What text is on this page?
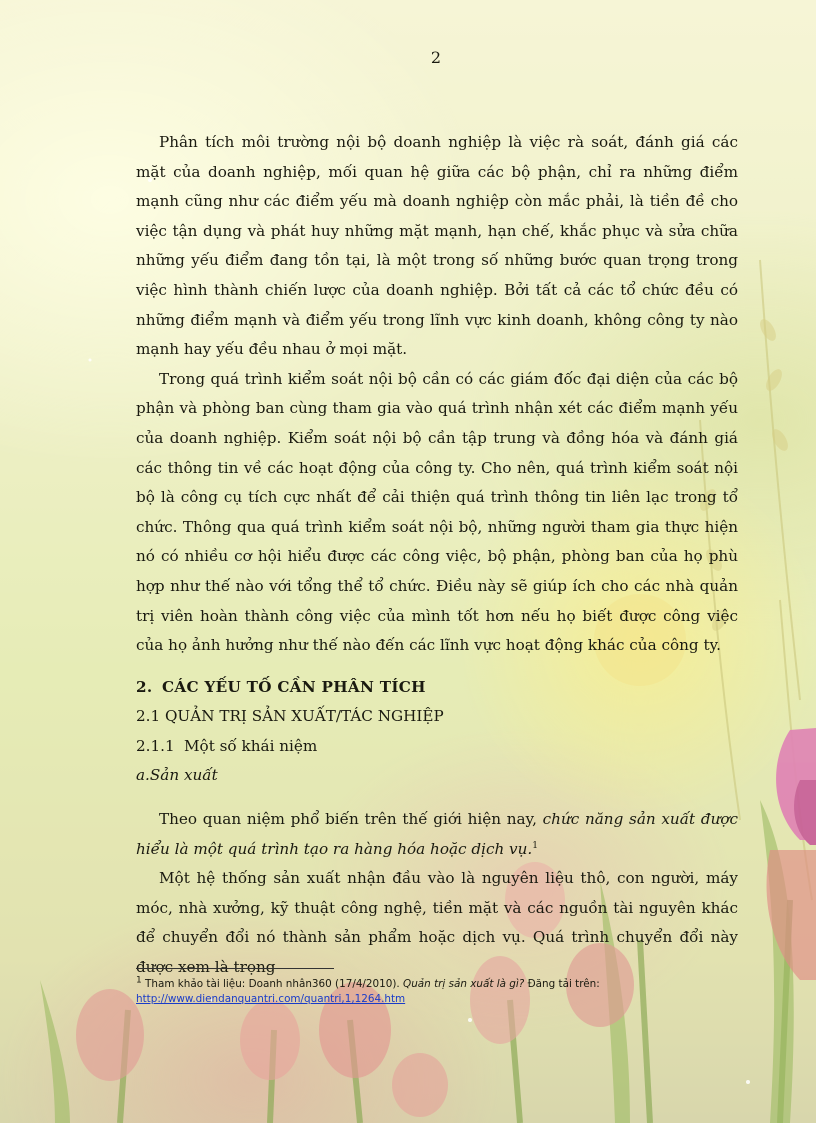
2

Phân tích môi trường nội bộ doanh nghiệp là việc rà soát, đánh giá các mặt của doanh nghiệp, mối quan hệ giữa các bộ phận, chỉ ra những điểm mạnh cũng như các điểm yếu mà doanh nghiệp còn mắc phải, là tiền đề cho việc tận dụng và phát huy những mặt mạnh, hạn chế, khắc phục và sửa chữa những yếu điểm đang tồn tại, là một trong số những bước quan trọng trong việc hình thành chiến lược của doanh nghiệp. Bởi tất cả các tổ chức đều có những điểm mạnh và điểm yếu trong lĩnh vực kinh doanh, không công ty nào mạnh hay yếu đều nhau ở mọi mặt.

Trong quá trình kiểm soát nội bộ cần có các giám đốc đại diện của các bộ phận và phòng ban cùng tham gia vào quá trình nhận xét các điểm mạnh yếu của doanh nghiệp. Kiểm soát nội bộ cần tập trung và đồng hóa và đánh giá các thông tin về các hoạt động của công ty. Cho nên, quá trình kiểm soát nội bộ là công cụ tích cực nhất để cải thiện quá trình thông tin liên lạc trong tổ chức. Thông qua quá trình kiểm soát nội bộ, những người tham gia thực hiện nó có nhiều cơ hội hiểu được các công việc, bộ phận, phòng ban của họ phù hợp như thế nào với tổng thể tổ chức. Điều này sẽ giúp ích cho các nhà quản trị viên hoàn thành công việc của mình tốt hơn nếu họ biết được công việc của họ ảnh hưởng như thế nào đến các lĩnh vực hoạt động khác của công ty.

2. CÁC YẾU TỐ CẦN PHÂN TÍCH

2.1 QUẢN TRỊ SẢN XUẤT/TÁC NGHIỆP

2.1.1 Một số khái niệm

a.Sản xuất

Theo quan niệm phổ biến trên thế giới hiện nay, chức năng sản xuất được hiểu là một quá trình tạo ra hàng hóa hoặc dịch vụ.$^1$

Một hệ thống sản xuất nhận đầu vào là nguyên liệu thô, con người, máy móc, nhà xưởng, kỹ thuật công nghệ, tiền mặt và các nguồn tài nguyên khác để chuyển đổi nó thành sản phẩm hoặc dịch vụ. Quá trình chuyển đổi này được xem là trọng

$^1$ Tham khảo tài liệu: Doanh nhân360 (17/4/2010). Quản trị sản xuất là gì? Đăng tải trên:
http://www.diendanquantri.com/quantri,1,1264.htm
